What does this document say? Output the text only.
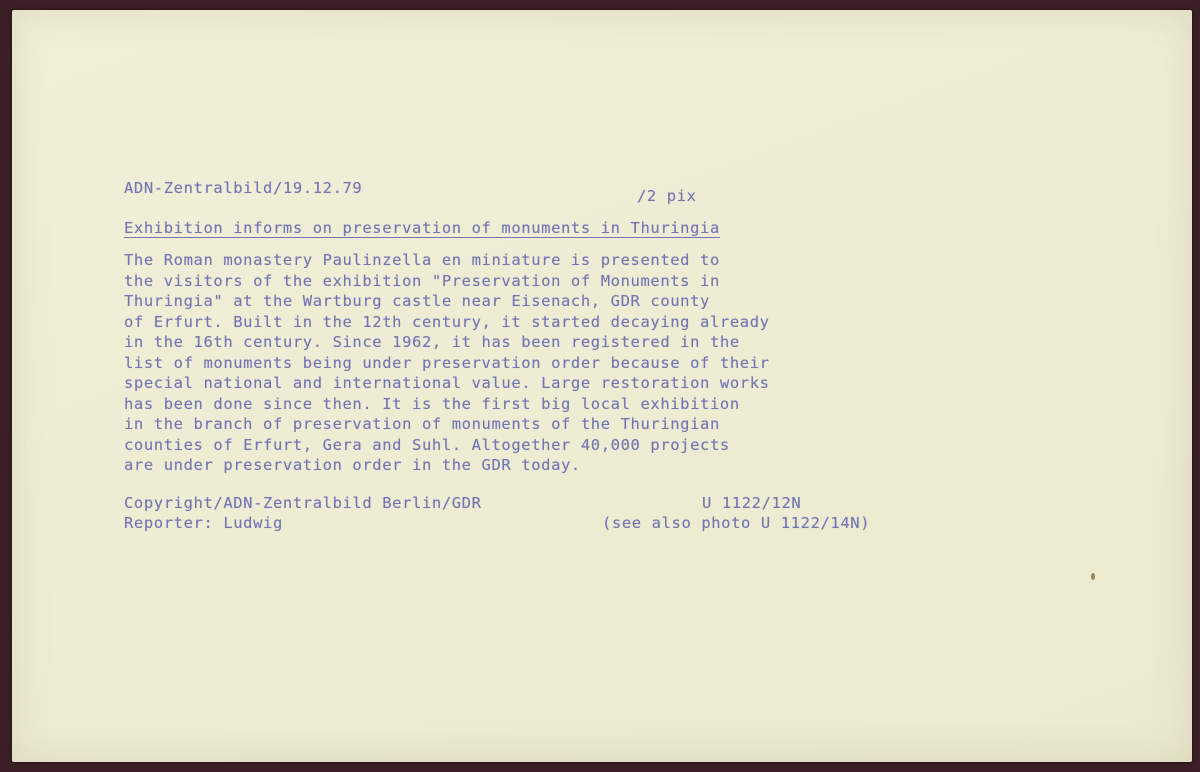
ADN-Zentralbild/19.12.79	/2 pix
Exhibition informs on preservation of monuments in Thuringia
The Roman monastery Paulinzella en miniature is presented to
the visitors of the exhibition "Preservation of Monuments in
Thuringia" at the Wartburg castle near Eisenach, GDR county
of Erfurt. Built in the 12th century, it started decaying already
in the 16th century. Since 1962, it has been registered in the
list of monuments being under preservation order because of their
special national and international value. Large restoration works
has been done since then. It is the first big local exhibition
in the branch of preservation of monuments of the Thuringian
counties of Erfurt, Gera and Suhl. Altogether 40,000 projects
are under preservation order in the GDR today.
Copyright/ADN-Zentralbild Berlin/GDR	U 1122/12N
Reporter: Ludwig	(see also photo U 1122/14N)
